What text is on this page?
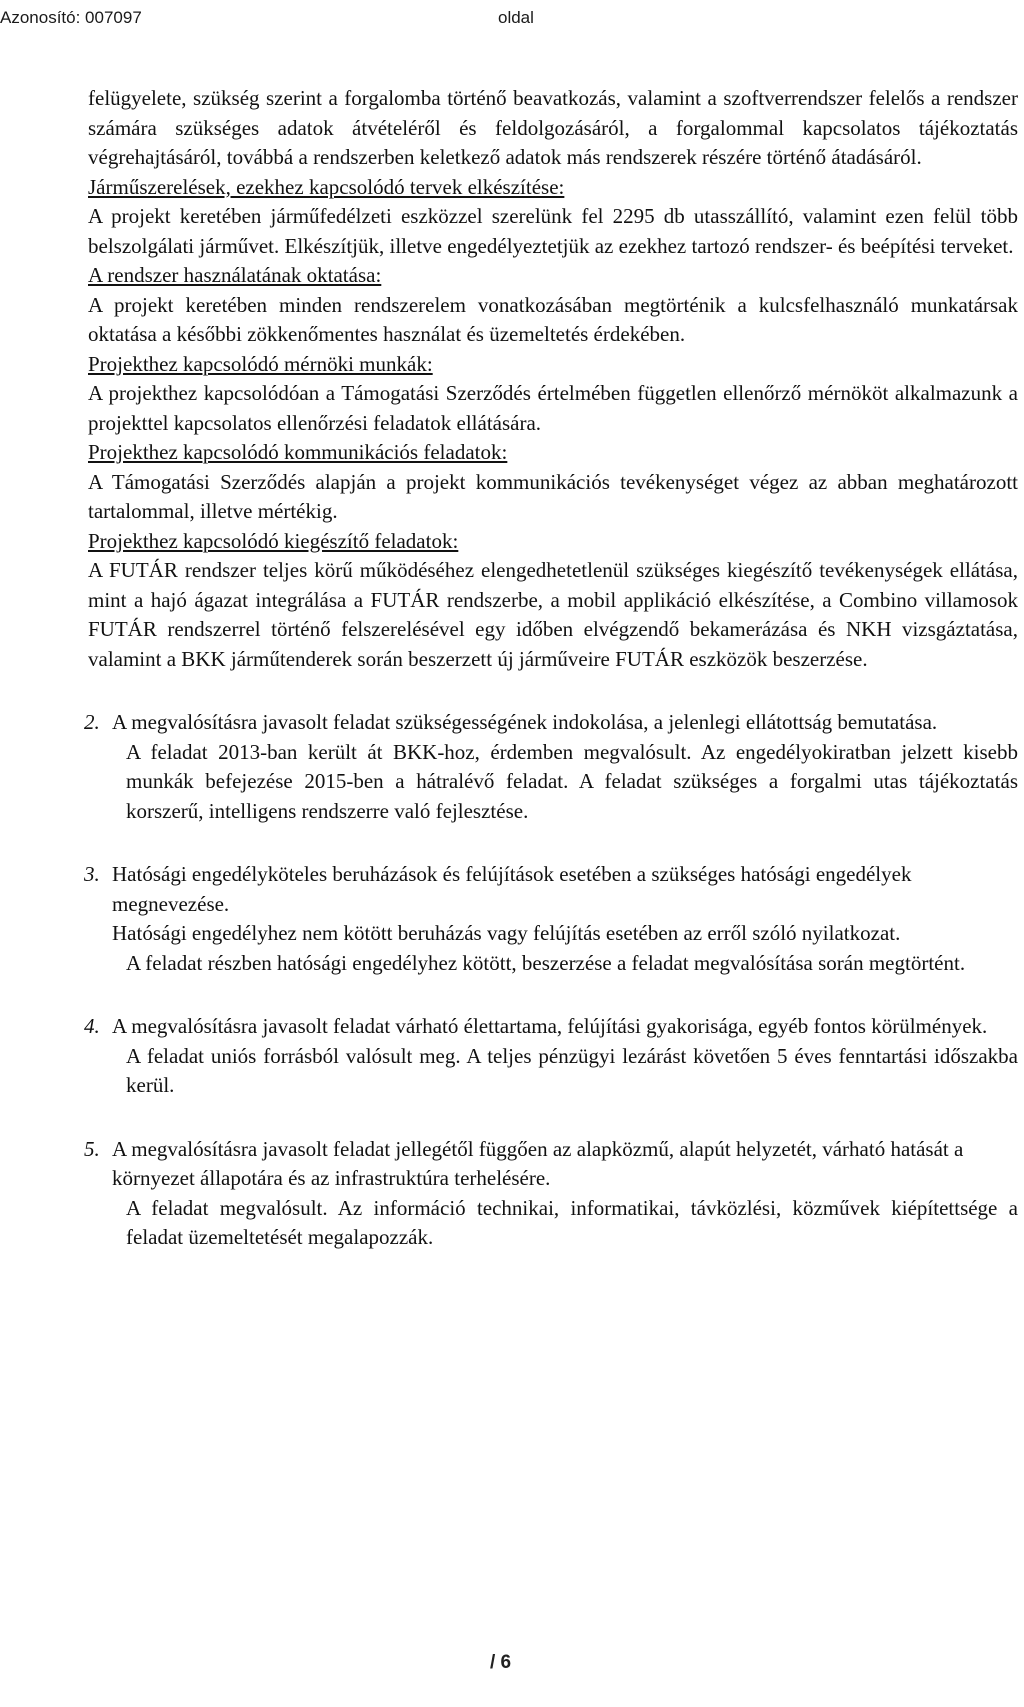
Azonosító: 007097	oldal

felügyelete, szükség szerint a forgalomba történő beavatkozás, valamint a szoftverrendszer felelős a rendszer számára szükséges adatok átvételéről és feldolgozásáról, a forgalommal kapcsolatos tájékoztatás végrehajtásáról, továbbá a rendszerben keletkező adatok más rendszerek részére történő átadásáról.

Járműszerelések, ezekhez kapcsolódó tervek elkészítése:

A projekt keretében járműfedélzeti eszközzel szerelünk fel 2295 db utasszállító, valamint ezen felül több belszolgálati járművet. Elkészítjük, illetve engedélyeztetjük az ezekhez tartozó rendszer- és beépítési terveket.

A rendszer használatának oktatása:

A projekt keretében minden rendszerelem vonatkozásában megtörténik a kulcsfelhasználó munkatársak oktatása a későbbi zökkenőmentes használat és üzemeltetés érdekében.

Projekthez kapcsolódó mérnöki munkák:

A projekthez kapcsolódóan a Támogatási Szerződés értelmében független ellenőrző mérnököt alkalmazunk a projekttel kapcsolatos ellenőrzési feladatok ellátására.

Projekthez kapcsolódó kommunikációs feladatok:

A Támogatási Szerződés alapján a projekt kommunikációs tevékenységet végez az abban meghatározott tartalommal, illetve mértékig.

Projekthez kapcsolódó kiegészítő feladatok:

A FUTÁR rendszer teljes körű működéséhez elengedhetetlenül szükséges kiegészítő tevékenységek ellátása, mint a hajó ágazat integrálása a FUTÁR rendszerbe, a mobil applikáció elkészítése, a Combino villamosok FUTÁR rendszerrel történő felszerelésével egy időben elvégzendő bekamerázása és NKH vizsgáztatása, valamint a BKK járműtenderek során beszerzett új járműveire FUTÁR eszközök beszerzése.

2. A megvalósításra javasolt feladat szükségességének indokolása, a jelenlegi ellátottság bemutatása.

A feladat 2013-ban került át BKK-hoz, érdemben megvalósult. Az engedélyokiratban jelzett kisebb munkák befejezése 2015-ben a hátralévő feladat. A feladat szükséges a forgalmi utas tájékoztatás korszerű, intelligens rendszerre való fejlesztése.

3. Hatósági engedélyköteles beruházások és felújítások esetében a szükséges hatósági engedélyek megnevezése.

Hatósági engedélyhez nem kötött beruházás vagy felújítás esetében az erről szóló nyilatkozat.

A feladat részben hatósági engedélyhez kötött, beszerzése a feladat megvalósítása során megtörtént.

4. A megvalósításra javasolt feladat várható élettartama, felújítási gyakorisága, egyéb fontos körülmények.

A feladat uniós forrásból valósult meg. A teljes pénzügyi lezárást követően 5 éves fenntartási időszakba kerül.

5. A megvalósításra javasolt feladat jellegétől függően az alapközmű, alapút helyzetét, várható hatását a környezet állapotára és az infrastruktúra terhelésére.

A feladat megvalósult. Az információ technikai, informatikai, távközlési, közművek kiépítettsége a feladat üzemeltetését megalapozzák.

/ 6
